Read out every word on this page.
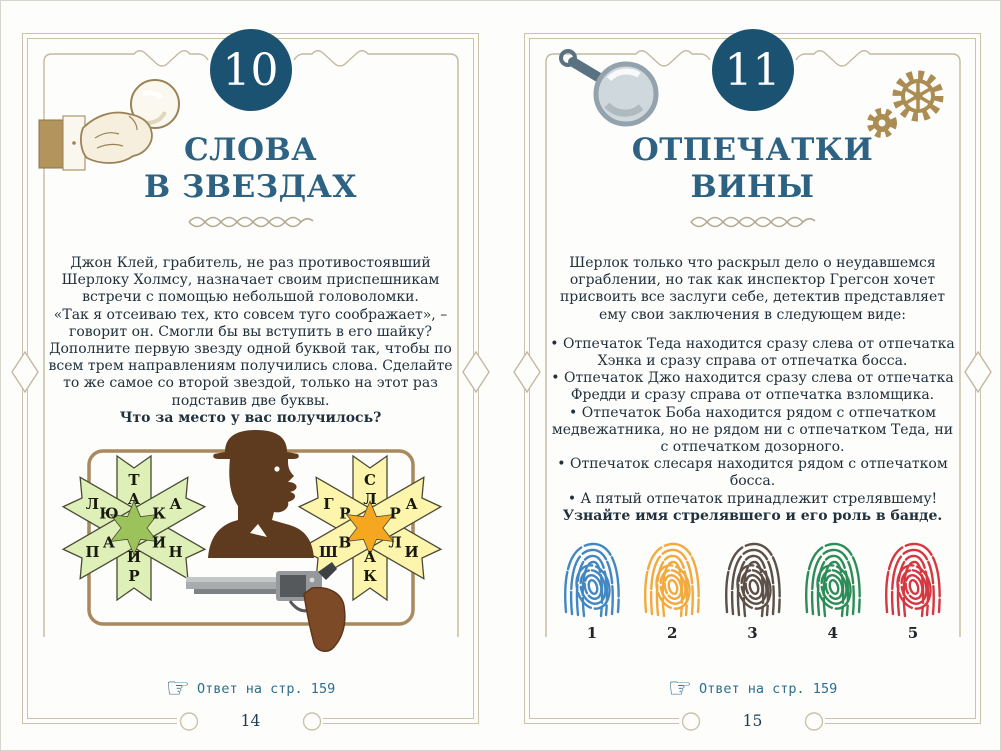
10
СЛОВА
В ЗВЕЗДАХ

Джон Клей, грабитель, не раз противостоявший Шерлоку Холмсу, назначает своим приспешникам встречи с помощью небольшой головоломки.

«Так я отсеиваю тех, кто совсем туго соображает», – говорит он. Смогли бы вы вступить в его шайку? Дополните первую звезду одной буквой так, чтобы по всем трем направлениям получились слова. Сделайте то же самое со второй звездой, только на этот раз подставив две буквы.

Что за место у вас получилось?

Т
А А
К
Н
И
Р
И
П
А
Л
Ю
С
Л А
Р
И
Л
К
А
Ш
В
Г
Р
☞ Ответ на стр. 159
14
11
ОТПЕЧАТКИ
ВИНЫ

Шерлок только что раскрыл дело о неудавшемся ограблении, но так как инспектор Грегсон хочет присвоить все заслуги себе, детектив представляет ему свои заключения в следующем виде:

• Отпечаток Теда находится сразу слева от отпечатка Хэнка и сразу справа от отпечатка босса.
• Отпечаток Джо находится сразу слева от отпечатка Фредди и сразу справа от отпечатка взломщика.
• Отпечаток Боба находится рядом с отпечатком медвежатника, но не рядом ни с отпечатком Теда, ни с отпечатком дозорного.
• Отпечаток слесаря находится рядом с отпечатком босса.
• А пятый отпечаток принадлежит стрелявшему!

Узнайте имя стрелявшего и его роль в банде.

1	2	3	4	5
☞ Ответ на стр. 159
15
